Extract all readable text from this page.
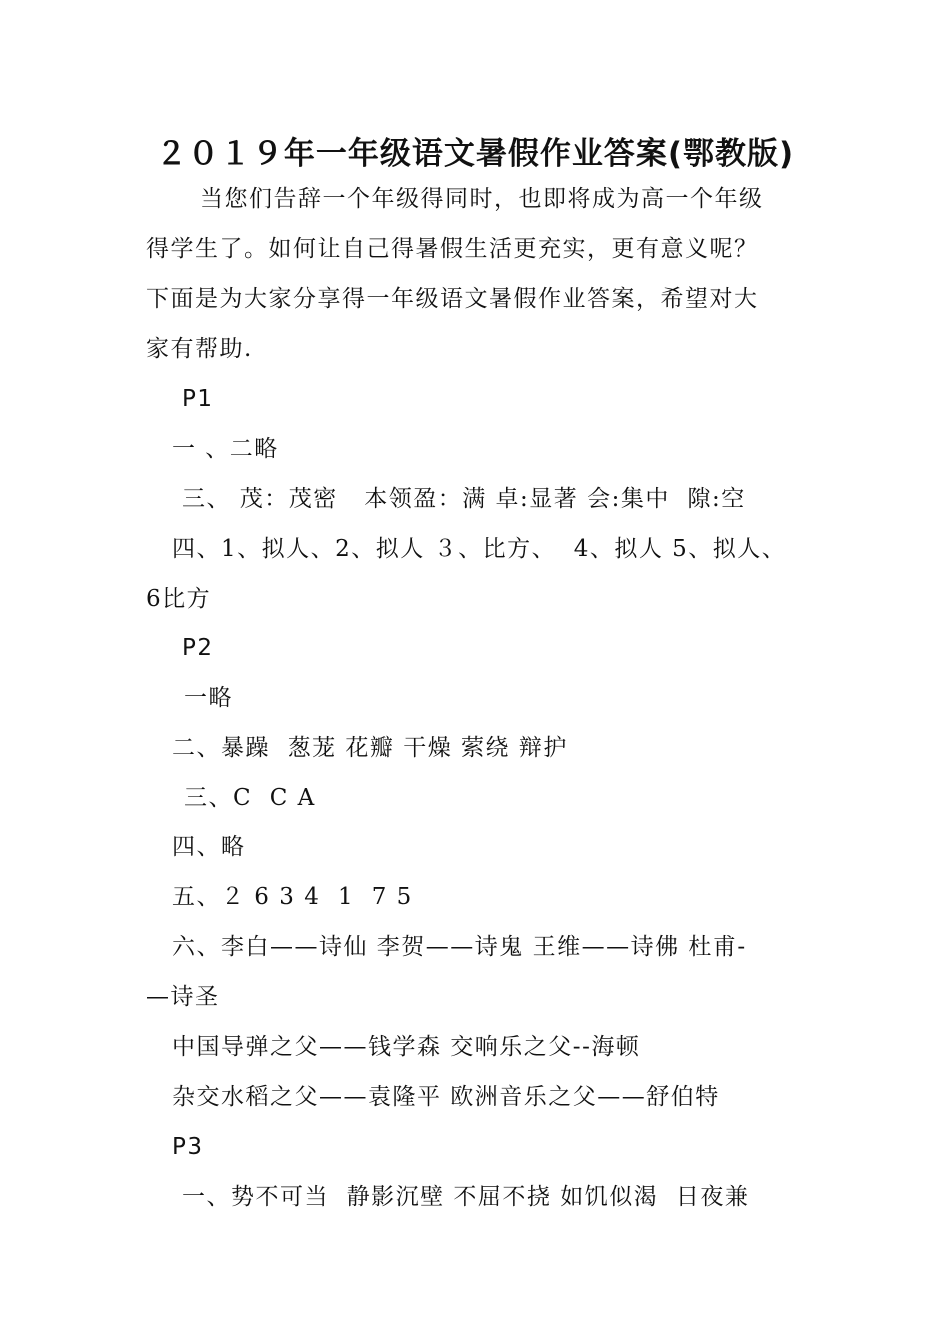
２０１９年一年级语文暑假作业答案(鄂教版)
当您们告辞一个年级得同时，也即将成为高一个年级
得学生了。如何让自己得暑假生活更充实，更有意义呢？
下面是为大家分享得一年级语文暑假作业答案，希望对大
家有帮助.
P1
一 、二略
三、 茂：茂密   本领盈：满 卓:显著 会:集中  隙:空
四、1、拟人、2、拟人 ３、比方、  4、拟人 5、拟人、
6比方
P2
一略
二、暴躁  葱茏 花瓣 干燥 萦绕 辩护
三、C  C A
四、略
五、２ 6 3 4  1  7 5
六、李白——诗仙 李贺——诗鬼 王维——诗佛 杜甫-
—诗圣
中国导弹之父——钱学森 交响乐之父--海顿
杂交水稻之父——袁隆平 欧洲音乐之父——舒伯特
P3
一、势不可当  静影沉壁 不屈不挠 如饥似渴  日夜兼
